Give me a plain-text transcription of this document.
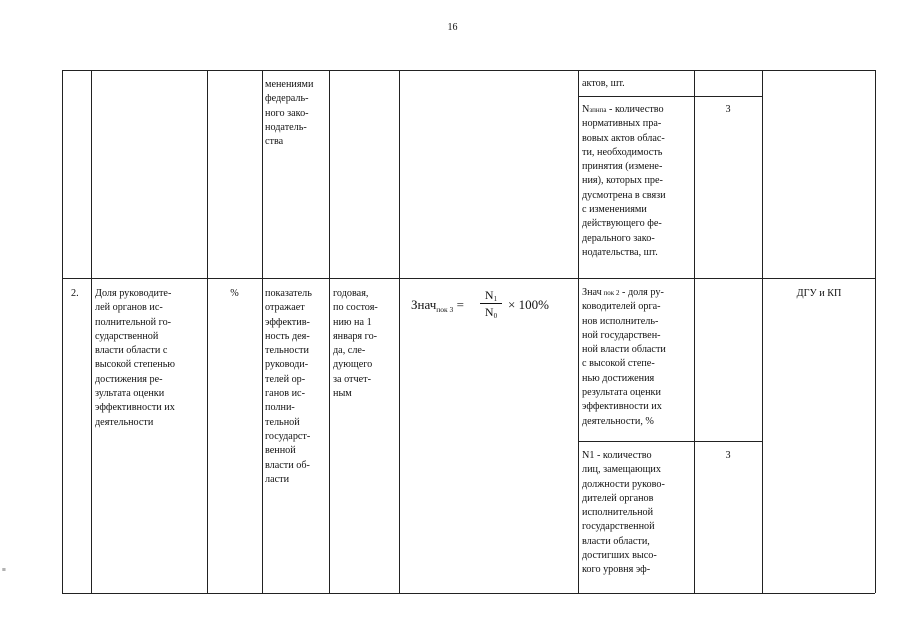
16
≡
менениями
федераль-
ного зако-
нодатель-
ства
актов, шт.
Nзпнпа - количество
нормативных пра-
вовых актов облас-
ти, необходимость
принятия (измене-
ния), которых пре-
дусмотрена в связи
с изменениями
действующего фе-
дерального зако-
нодательства, шт.
3
2.	Доля руководите-
лей органов ис-
полнительной го-
сударственной
власти области с
высокой степенью
достижения ре-
зультата оценки
эффективности их
деятельности
%	показатель
отражает
эффектив-
ность дея-
тельности
руководи-
телей ор-
ганов ис-
полни-
тельной
государст-
венной
власти об-
ласти
годовая,
по состоя-
нию на 1
января го-
да, сле-
дующего
за отчет-
ным
Знач$_{пок 3}$ =
$N_1$
$N_0$
× 100%
Знач пок 2 - доля ру-
ководителей орга-
нов исполнитель-
ной государствен-
ной власти области
с высокой степе-
нью достижения
результата оценки
эффективности их
деятельности, %
N1 - количество
лиц, замещающих
должности руково-
дителей органов
исполнительной
государственной
власти области,
достигших высо-
кого уровня эф-
3
ДГУ и КП
